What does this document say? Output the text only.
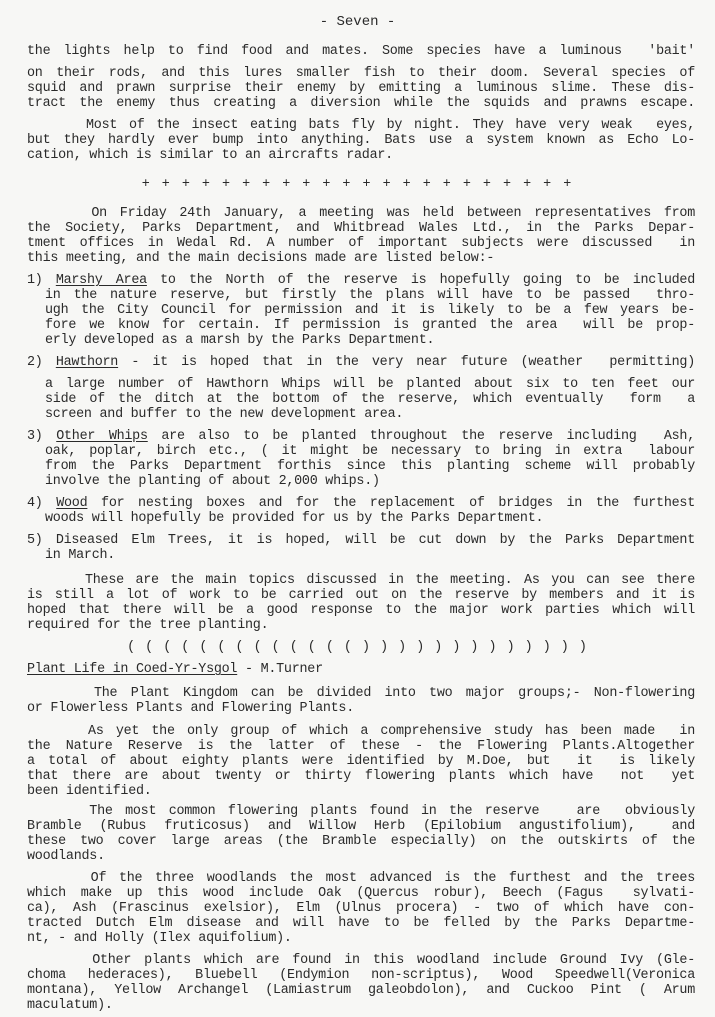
- Seven -
the lights help to find food and mates. Some species have a luminous  'bait'
on their rods, and this lures smaller fish to their doom. Several species of
squid and prawn surprise their enemy by emitting a luminous slime. These dis-
tract the enemy thus creating a diversion while the squids and prawns escape.
Most of the insect eating bats fly by night. They have very weak  eyes,
but they hardly ever bump into anything. Bats use a system known as Echo Lo-
cation, which is similar to an aircrafts radar.
+ + + + + + + + + + + + + + + + + + + + + +
On Friday 24th January, a meeting was held between representatives from
the Society, Parks Department, and Whitbread Wales Ltd., in the Parks Depar-
tment offices in Wedal Rd. A number of important subjects were discussed  in
this meeting, and the main decisions made are listed below:-
1) Marshy Area to the North of the reserve is hopefully going to be included
in the nature reserve, but firstly the plans will have to be passed  thro-
ugh the City Council for permission and it is likely to be a few years be-
fore we know for certain. If permission is granted the area  will be prop-
erly developed as a marsh by the Parks Department.
2) Hawthorn - it is hoped that in the very near future (weather  permitting)
a large number of Hawthorn Whips will be planted about six to ten feet our
side of the ditch at the bottom of the reserve, which eventually  form  a
screen and buffer to the new development area.
3) Other Whips are also to be planted throughout the reserve including  Ash,
oak, poplar, birch etc., ( it might be necessary to bring in extra  labour
from the Parks Department forthis since this planting scheme will probably
involve the planting of about 2,000 whips.)
4) Wood for nesting boxes and for the replacement of bridges in the furthest
woods will hopefully be provided for us by the Parks Department.
5) Diseased Elm Trees, it is hoped, will be cut down by the Parks Department
in March.
These are the main topics discussed in the meeting. As you can see there
is still a lot of work to be carried out on the reserve by members and it is
hoped that there will be a good response to the major work parties which will
required for the tree planting.
( ( ( ( ( ( ( ( ( ( ( ( ( ) ) ) ) ) ) ) ) ) ) ) ) )
Plant Life in Coed-Yr-Ysgol - M.Turner
The Plant Kingdom can be divided into two major groups;- Non-flowering
or Flowerless Plants and Flowering Plants.
As yet the only group of which a comprehensive study has been made  in
the Nature Reserve is the latter of these - the Flowering Plants.Altogether
a total of about eighty plants were identified by M.Doe, but  it  is likely
that there are about twenty or thirty flowering plants which have  not  yet
been identified.
The most common flowering plants found in the reserve   are  obviously
Bramble (Rubus fruticosus) and Willow Herb (Epilobium angustifolium),  and
these two cover large areas (the Bramble especially) on the outskirts of the
woodlands.
Of the three woodlands the most advanced is the furthest and the trees
which make up this wood include Oak (Quercus robur), Beech (Fagus  sylvati-
ca), Ash (Frascinus exelsior), Elm (Ulnus procera) - two of which have con-
tracted Dutch Elm disease and will have to be felled by the Parks Departme-
nt, - and Holly (Ilex aquifolium).
Other plants which are found in this woodland include Ground Ivy (Gle-
choma hederaces), Bluebell (Endymion non-scriptus), Wood Speedwell(Veronica
montana), Yellow Archangel (Lamiastrum galeobdolon), and Cuckoo Pint ( Arum
maculatum).
